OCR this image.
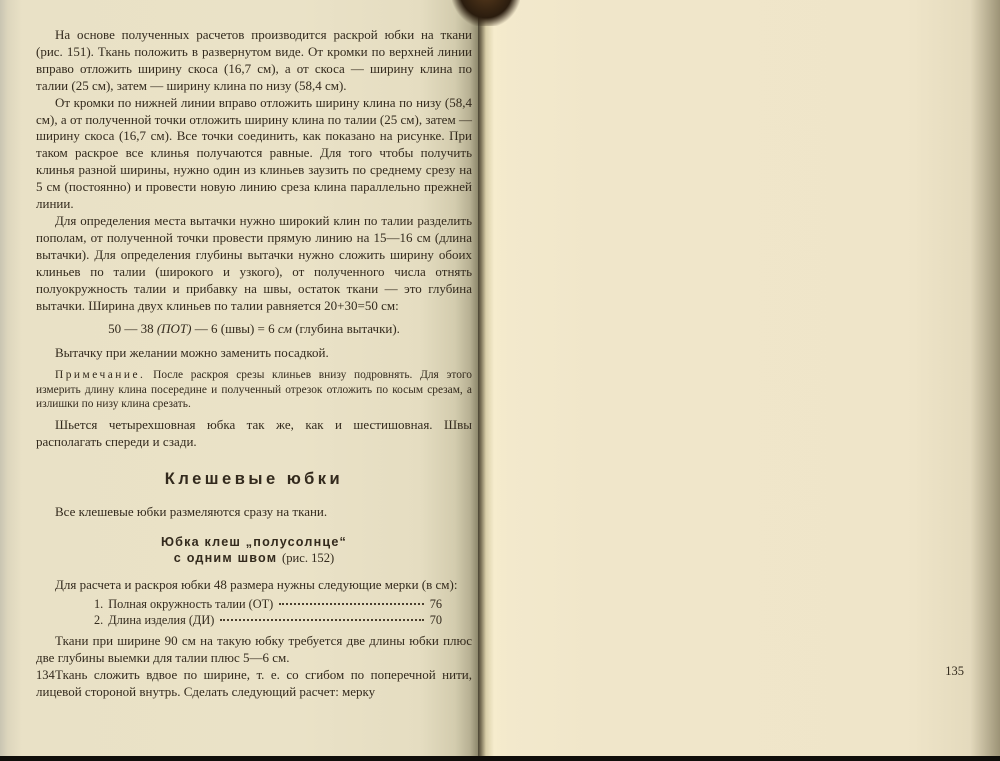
На основе полученных расчетов производится раскрой юбки на ткани (рис. 151). Ткань положить в развернутом виде. От кромки по верхней линии вправо отложить ширину скоса (16,7 см), а от скоса — ширину клина по талии (25 см), затем — ширину клина по низу (58,4 см).

От кромки по нижней линии вправо отложить ширину клина по низу (58,4 см), а от полученной точки отложить ширину клина по талии (25 см), затем — ширину скоса (16,7 см). Все точки соединить, как показано на рисунке. При таком раскрое все клинья получаются равные. Для того чтобы получить клинья разной ширины, нужно один из клиньев заузить по среднему срезу на 5 см (постоянно) и провести новую линию среза клина параллельно прежней линии.

Для определения места вытачки нужно широкий клин по талии разделить пополам, от полученной точки провести прямую линию на 15—16 см (длина вытачки). Для определения глубины вытачки нужно сложить ширину обоих клиньев по талии (широкого и узкого), от полученного числа отнять полуокружность талии и прибавку на швы, остаток ткани — это глубина вытачки. Ширина двух клиньев по талии равняется 20+30=50 см:

50 — 38 (ПОТ) — 6 (швы) = 6 см (глубина вытачки).

Вытачку при желании можно заменить посадкой.

Примечание. После раскроя срезы клиньев внизу подровнять. Для этого измерить длину клина посередине и полученный отрезок отложить по косым срезам, а излишки по низу клина срезать.

Шьется четырехшовная юбка так же, как и шестишовная. Швы располагать спереди и сзади.

Клешевые юбки

Все клешевые юбки размеляются сразу на ткани.

Юбка клеш „полусолнце“
с одним швом (рис. 152)

Для расчета и раскроя юбки 48 размера нужны следующие мерки (в см):

1. Полная окружность талии (ОТ)	76
2. Длина изделия (ДИ)	70

Ткани при ширине 90 см на такую юбку требуется две длины юбки плюс две глубины выемки для талии плюс 5—6 см.

Ткань сложить вдвое по ширине, т. е. со сгибом по поперечной нити, лицевой стороной внутрь. Сделать следующий расчет: мерку

134	135
